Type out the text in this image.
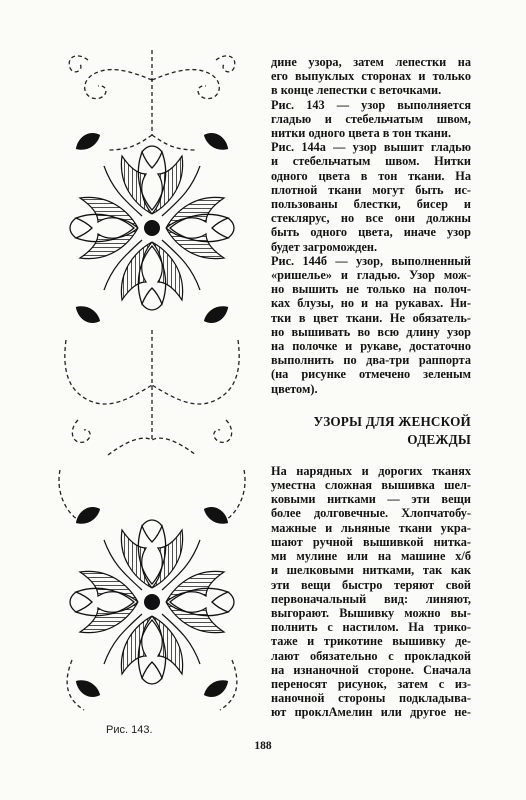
Рис. 143.

дине узора, затем лепестки на
его выпуклых сторонах и только
в конце лепестки с веточками.

Рис. 143 — узор выполняется
гладью и стебельчатым швом,
нитки одного цвета в тон ткани.

Рис. 144а — узор вышит гладью
и стебельчатым швом. Нитки
одного цвета в тон ткани. На
плотной ткани могут быть ис-
пользованы блестки, бисер и
стеклярус, но все они должны
быть одного цвета, иначе узор
будет загроможден.

Рис. 144б — узор, выполненный
«ришелье» и гладью. Узор мож-
но вышить не только на полоч-
ках блузы, но и на рукавах. Ни-
тки в цвет ткани. Не обязатель-
но вышивать во всю длину узор
на полочке и рукаве, достаточно
выполнить по два-три раппорта
(на рисунке отмечено зеленым
цветом).

УЗОРЫ ДЛЯ ЖЕНСКОЙ
ОДЕЖДЫ

На нарядных и дорогих тканях
уместна сложная вышивка шел-
ковыми нитками — эти вещи
более долговечные. Хлопчатобу-
мажные и льняные ткани укра-
шают ручной вышивкой нитка-
ми мулине или на машине х/б
и шелковыми нитками, так как
эти вещи быстро теряют свой
первоначальный вид: линяют,
выгорают. Вышивку можно вы-
полнить с настилом. На трико-
таже и трикотине вышивку де-
лают обязательно с прокладкой
на изнаночной стороне. Сначала
переносят рисунок, затем с из-
наночной стороны подкладыва-
ют проклАмелин или другое не-

188
